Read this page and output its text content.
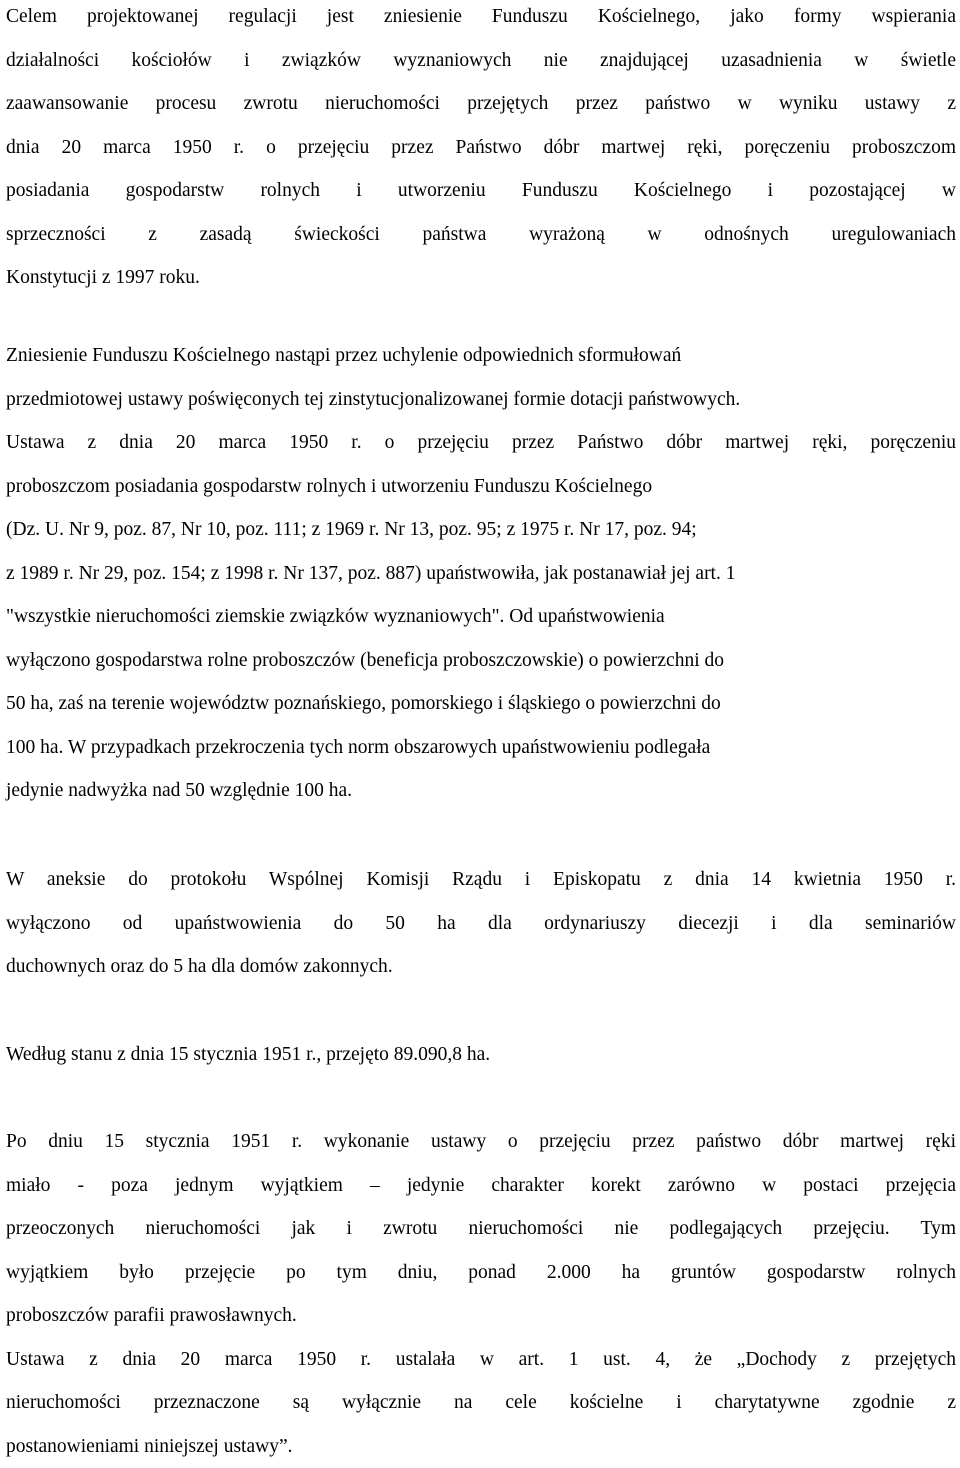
Celem projektowanej regulacji jest zniesienie Funduszu Kościelnego, jako formy wspierania
działalności kościołów i związków wyznaniowych nie znajdującej uzasadnienia w świetle
zaawansowanie procesu zwrotu nieruchomości przejętych przez państwo w wyniku ustawy z
dnia 20 marca 1950 r. o przejęciu przez Państwo dóbr martwej ręki, poręczeniu proboszczom
posiadania gospodarstw rolnych i utworzeniu Funduszu Kościelnego i pozostającej w
sprzeczności z zasadą świeckości państwa wyrażoną w odnośnych uregulowaniach
Konstytucji z 1997 roku.
Zniesienie Funduszu Kościelnego nastąpi przez uchylenie odpowiednich sformułowań
przedmiotowej ustawy poświęconych tej zinstytucjonalizowanej formie dotacji państwowych.
Ustawa z dnia 20 marca 1950 r. o przejęciu przez Państwo dóbr martwej ręki, poręczeniu
proboszczom posiadania gospodarstw rolnych i utworzeniu Funduszu Kościelnego
(Dz. U. Nr 9, poz. 87, Nr 10, poz. 111; z 1969 r. Nr 13, poz. 95; z 1975 r. Nr 17, poz. 94;
z 1989 r. Nr 29, poz. 154; z 1998 r. Nr 137, poz. 887) upaństwowiła, jak postanawiał jej art. 1
"wszystkie nieruchomości ziemskie związków wyznaniowych". Od upaństwowienia
wyłączono gospodarstwa rolne proboszczów (beneficja proboszczowskie) o powierzchni do
50 ha, zaś na terenie województw poznańskiego, pomorskiego i śląskiego o powierzchni do
100 ha. W przypadkach przekroczenia tych norm obszarowych upaństwowieniu podlegała
jedynie nadwyżka nad 50 względnie 100 ha.
W aneksie do protokołu Wspólnej Komisji Rządu i Episkopatu z dnia 14 kwietnia 1950 r.
wyłączono od upaństwowienia do 50 ha dla ordynariuszy diecezji i dla seminariów
duchownych oraz do 5 ha dla domów zakonnych.
Według stanu z dnia 15 stycznia 1951 r., przejęto 89.090,8 ha.
Po dniu 15 stycznia 1951 r. wykonanie ustawy o przejęciu przez państwo dóbr martwej ręki
miało - poza jednym wyjątkiem – jedynie charakter korekt zarówno w postaci przejęcia
przeoczonych nieruchomości jak i zwrotu nieruchomości nie podlegających przejęciu. Tym
wyjątkiem było przejęcie po tym dniu, ponad 2.000 ha gruntów gospodarstw rolnych
proboszczów parafii prawosławnych.
Ustawa z dnia 20 marca 1950 r. ustalała w art. 1 ust. 4, że „Dochody z przejętych
nieruchomości przeznaczone są wyłącznie na cele kościelne i charytatywne zgodnie z
postanowieniami niniejszej ustawy”.
